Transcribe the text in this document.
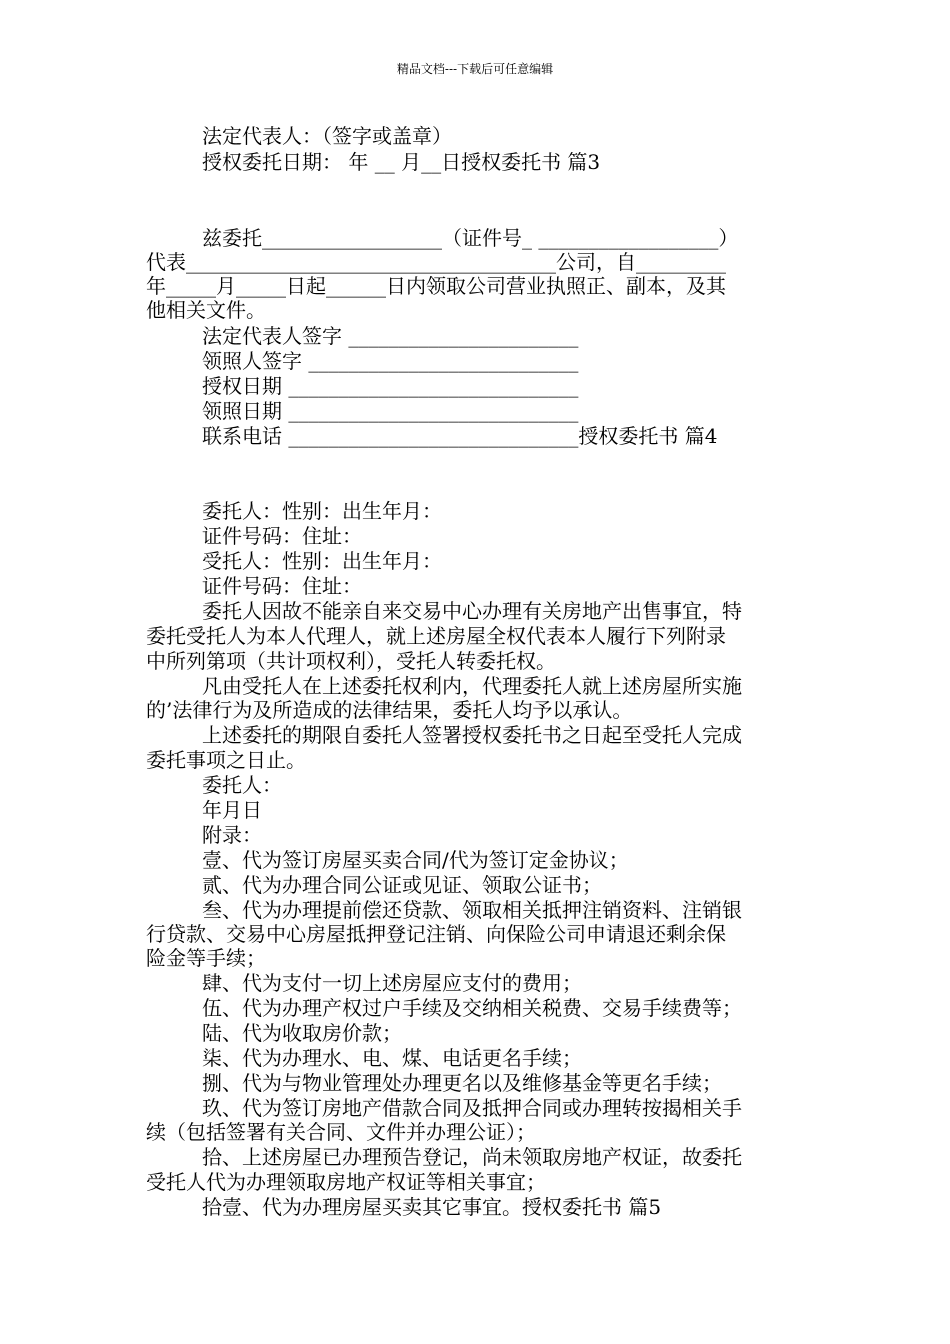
精品文档---下载后可任意编辑
法定代表人：（签字或盖章）
授权委托日期： 年 __ 月__日授权委托书 篇3
兹委托__________________（证件号_ __________________）
代表_____________________________________公司，自_________
年_____月_____日起______日内领取公司营业执照正、副本，及其
他相关文件。
法定代表人签字 _______________________
领照人签字 ___________________________
授权日期 _____________________________
领照日期 _____________________________
联系电话 _____________________________授权委托书 篇4
委托人：性别：出生年月：
证件号码：住址：
受托人：性别：出生年月：
证件号码：住址：
委托人因故不能亲自来交易中心办理有关房地产出售事宜，特
委托受托人为本人代理人，就上述房屋全权代表本人履行下列附录
中所列第项（共计项权利），受托人转委托权。
凡由受托人在上述委托权利内，代理委托人就上述房屋所实施
的’法律行为及所造成的法律结果，委托人均予以承认。
上述委托的期限自委托人签署授权委托书之日起至受托人完成
委托事项之日止。
委托人：
年月日
附录：
壹、代为签订房屋买卖合同/代为签订定金协议；
贰、代为办理合同公证或见证、领取公证书；
叁、代为办理提前偿还贷款、领取相关抵押注销资料、注销银
行贷款、交易中心房屋抵押登记注销、向保险公司申请退还剩余保
险金等手续；
肆、代为支付一切上述房屋应支付的费用；
伍、代为办理产权过户手续及交纳相关税费、交易手续费等；
陆、代为收取房价款；
柒、代为办理水、电、煤、电话更名手续；
捌、代为与物业管理处办理更名以及维修基金等更名手续；
玖、代为签订房地产借款合同及抵押合同或办理转按揭相关手
续（包括签署有关合同、文件并办理公证）；
拾、上述房屋已办理预告登记，尚未领取房地产权证，故委托
受托人代为办理领取房地产权证等相关事宜；
拾壹、代为办理房屋买卖其它事宜。授权委托书 篇5
